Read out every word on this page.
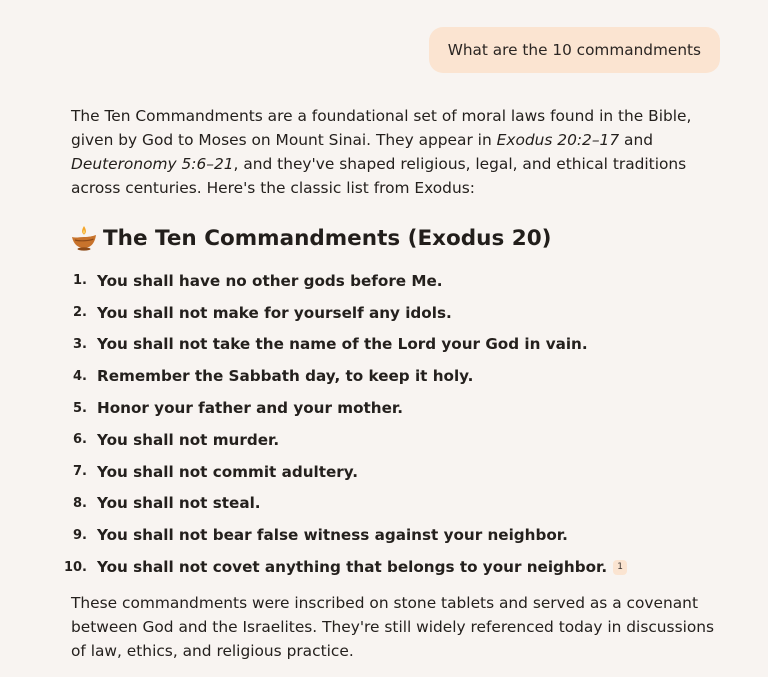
What are the 10 commandments

The Ten Commandments are a foundational set of moral laws found in the Bible, given by God to Moses on Mount Sinai. They appear in Exodus 20:2–17 and Deuteronomy 5:6–21, and they've shaped religious, legal, and ethical traditions across centuries. Here's the classic list from Exodus:

The Ten Commandments (Exodus 20)
1. You shall have no other gods before Me.
2. You shall not make for yourself any idols.
3. You shall not take the name of the Lord your God in vain.
4. Remember the Sabbath day, to keep it holy.
5. Honor your father and your mother.
6. You shall not murder.
7. You shall not commit adultery.
8. You shall not steal.
9. You shall not bear false witness against your neighbor.
10. You shall not covet anything that belongs to your neighbor.	1

These commandments were inscribed on stone tablets and served as a covenant between God and the Israelites. They're still widely referenced today in discussions of law, ethics, and religious practice.
